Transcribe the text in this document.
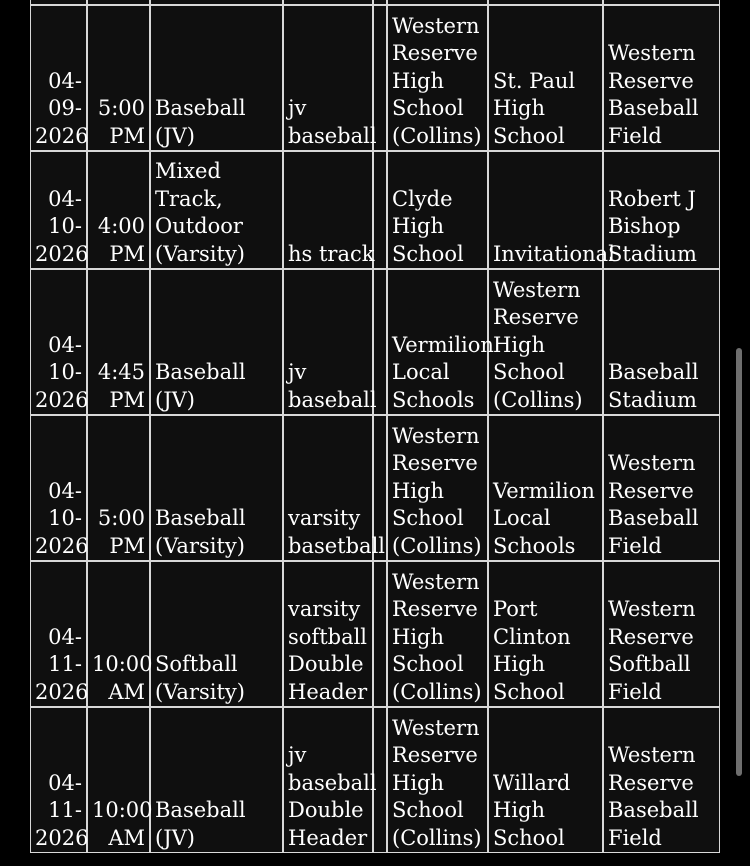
04-
09-
2026	5:00
PM	Baseball
(JV)	jv
baseball		Western
Reserve
High
School
(Collins)	St. Paul
High
School	Western
Reserve
Baseball
Field

04-
10-
2026	4:00
PM	Mixed
Track,
Outdoor
(Varsity)	hs track		Clyde
High
School	Invitational	Robert J
Bishop
Stadium

04-
10-
2026	4:45
PM	Baseball
(JV)	jv
baseball		Vermilion
Local
Schools	Western
Reserve
High
School
(Collins)	Baseball
Stadium

04-
10-
2026	5:00
PM	Baseball
(Varsity)	varsity
basetball		Western
Reserve
High
School
(Collins)	Vermilion
Local
Schools	Western
Reserve
Baseball
Field

04-
11-
2026	10:00
AM	Softball
(Varsity)	varsity
softball
Double
Header		Western
Reserve
High
School
(Collins)	Port
Clinton
High
School	Western
Reserve
Softball
Field

04-
11-
2026	10:00
AM	Baseball
(JV)	jv
baseball
Double
Header		Western
Reserve
High
School
(Collins)	Willard
High
School	Western
Reserve
Baseball
Field
